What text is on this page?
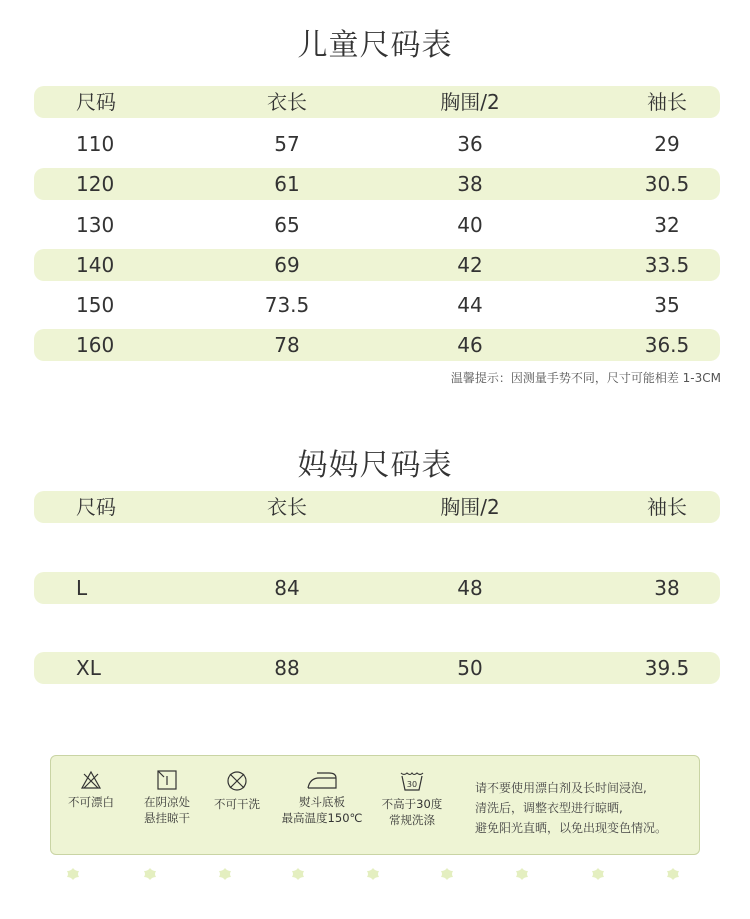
儿童尺码表
尺码	衣长	胸围/2	袖长
110	57	36	29
120	61	38	30.5
130	65	40	32
140	69	42	33.5
150	73.5	44	35
160	78	46	36.5
温馨提示：因测量手势不同，尺寸可能相差 1-3CM
妈妈尺码表
尺码	衣长	胸围/2	袖长
L	84	48	38
XL	88	50	39.5
不可漂白	在阴凉处
悬挂晾干
不可干洗	熨斗底板
最高温度150℃
30
不高于30度
常规洗涤
请不要使用漂白剂及长时间浸泡,
清洗后，调整衣型进行晾晒,
避免阳光直晒，以免出现变色情况。
